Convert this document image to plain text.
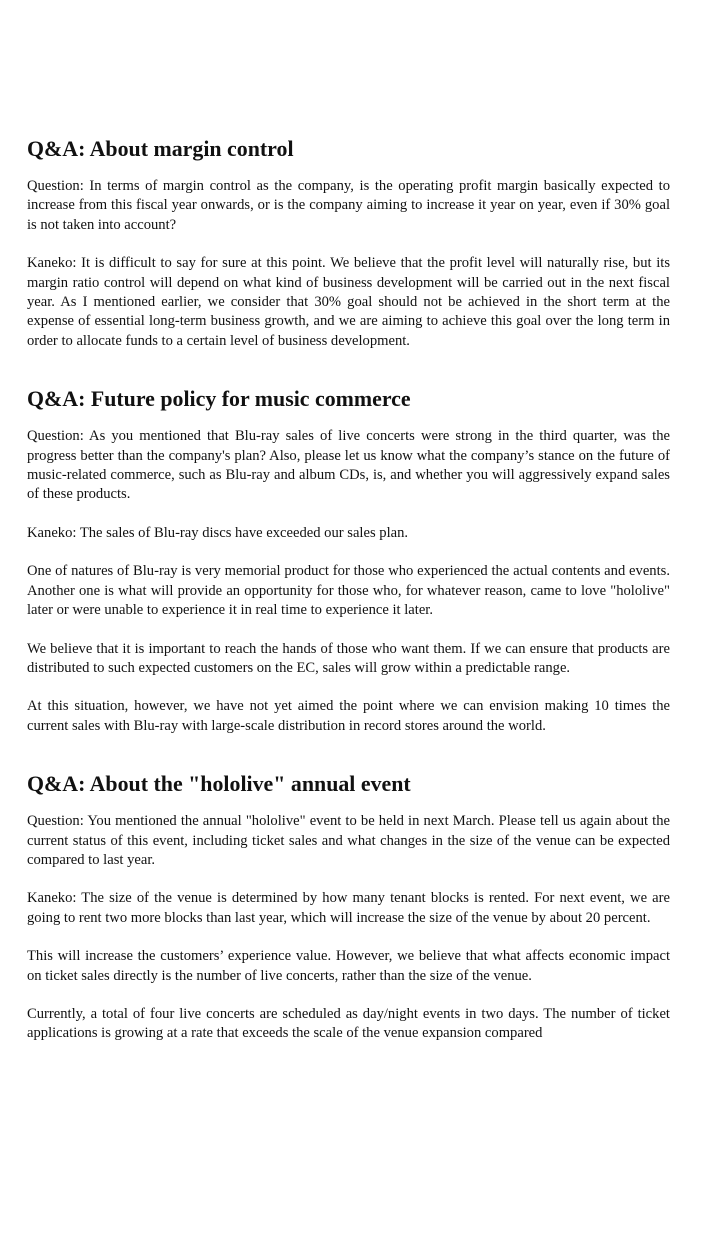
Q&A: About margin control

Question: In terms of margin control as the company, is the operating profit margin basically expected to increase from this fiscal year onwards, or is the company aiming to increase it year on year, even if 30% goal is not taken into account?

Kaneko: It is difficult to say for sure at this point. We believe that the profit level will naturally rise, but its margin ratio control will depend on what kind of business development will be carried out in the next fiscal year. As I mentioned earlier, we consider that 30% goal should not be achieved in the short term at the expense of essential long-term business growth, and we are aiming to achieve this goal over the long term in order to allocate funds to a certain level of business development.

Q&A: Future policy for music commerce

Question: As you mentioned that Blu-ray sales of live concerts were strong in the third quarter, was the progress better than the company's plan? Also, please let us know what the company’s stance on the future of music-related commerce, such as Blu-ray and album CDs, is, and whether you will aggressively expand sales of these products.

Kaneko: The sales of Blu-ray discs have exceeded our sales plan.

One of natures of Blu-ray is very memorial product for those who experienced the actual contents and events. Another one is what will provide an opportunity for those who, for whatever reason, came to love "hololive" later or were unable to experience it in real time to experience it later.

We believe that it is important to reach the hands of those who want them. If we can ensure that products are distributed to such expected customers on the EC, sales will grow within a predictable range.

At this situation, however, we have not yet aimed the point where we can envision making 10 times the current sales with Blu-ray with large-scale distribution in record stores around the world.

Q&A: About the "hololive" annual event

Question: You mentioned the annual "hololive" event to be held in next March. Please tell us again about the current status of this event, including ticket sales and what changes in the size of the venue can be expected compared to last year.

Kaneko: The size of the venue is determined by how many tenant blocks is rented. For next event, we are going to rent two more blocks than last year, which will increase the size of the venue by about 20 percent.

This will increase the customers’ experience value. However, we believe that what affects economic impact on ticket sales directly is the number of live concerts, rather than the size of the venue.

Currently, a total of four live concerts are scheduled as day/night events in two days. The number of ticket applications is growing at a rate that exceeds the scale of the venue expansion compared
